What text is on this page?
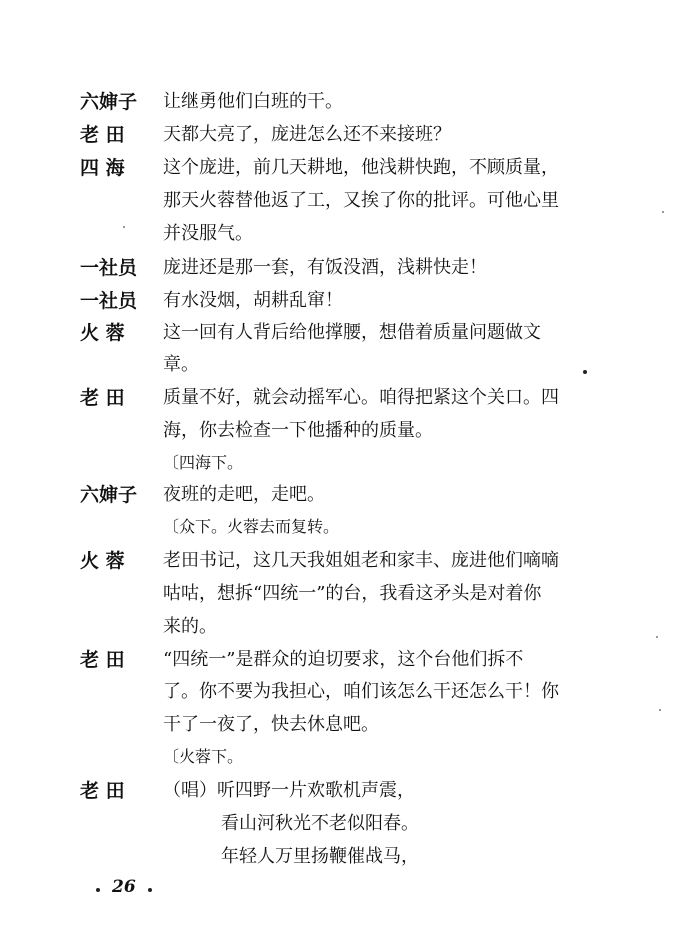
六婶子	让继勇他们白班的干。
老 田	天都大亮了，庞进怎么还不来接班？
四 海	这个庞进，前几天耕地，他浅耕快跑，不顾质量，
那天火蓉替他返了工，又挨了你的批评。可他心里
并没服气。
一社员	庞进还是那一套，有饭没酒，浅耕快走！
一社员	有水没烟，胡耕乱窜！
火 蓉	这一回有人背后给他撑腰，想借着质量问题做文
章。
老 田	质量不好，就会动摇军心。咱得把紧这个关口。四
海，你去检查一下他播种的质量。
〔四海下。
六婶子	夜班的走吧，走吧。
〔众下。火蓉去而复转。
火 蓉	老田书记，这几天我姐姐老和家丰、庞进他们嘀嘀
咕咕，想拆“四统一”的台，我看这矛头是对着你
来的。
老 田	“四统一”是群众的迫切要求，这个台他们拆不
了。你不要为我担心，咱们该怎么干还怎么干！你
干了一夜了，快去休息吧。
〔火蓉下。
老 田	（唱）听四野一片欢歌机声震，
看山河秋光不老似阳春。
年轻人万里扬鞭催战马，
26
